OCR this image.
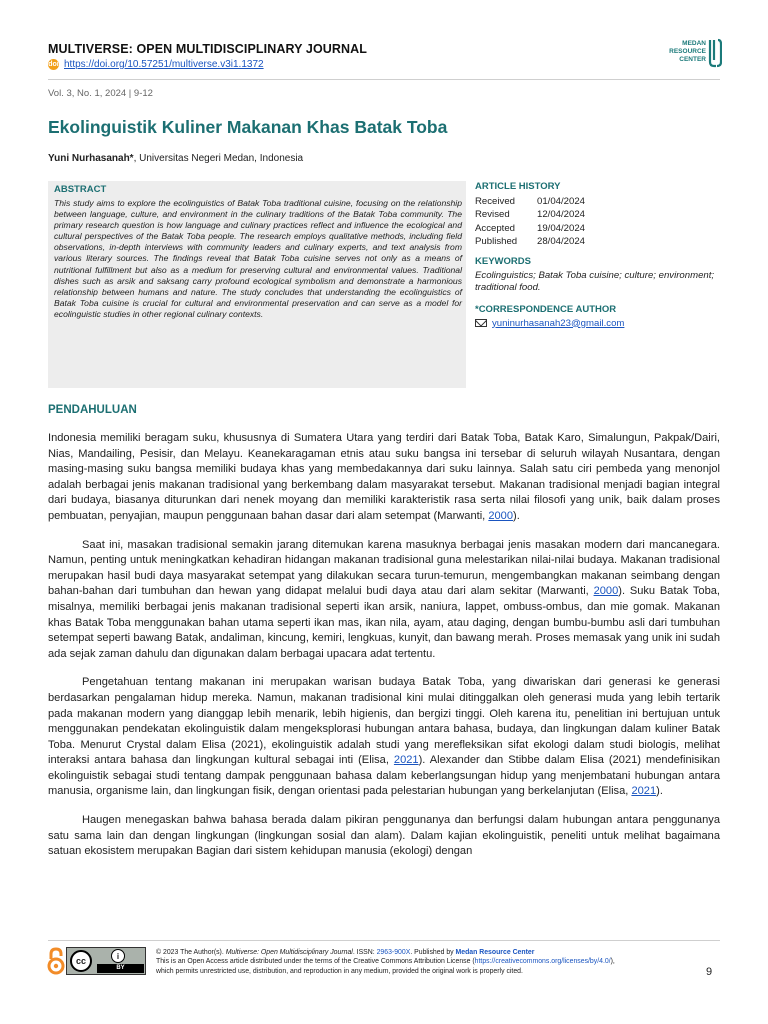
MULTIVERSE: OPEN MULTIDISCIPLINARY JOURNAL
doi https://doi.org/10.57251/multiverse.v3i1.1372
MEDAN
RESOURCE
CENTER
Vol. 3, No. 1, 2024 | 9-12
Ekolinguistik Kuliner Makanan Khas Batak Toba
Yuni Nurhasanah*, Universitas Negeri Medan, Indonesia
ABSTRACT
This study aims to explore the ecolinguistics of Batak Toba traditional cuisine, focusing on the relationship between language, culture, and environment in the culinary traditions of the Batak Toba community. The primary research question is how language and culinary practices reflect and influence the ecological and cultural perspectives of the Batak Toba people. The research employs qualitative methods, including field observations, in-depth interviews with community leaders and culinary experts, and text analysis from various literary sources. The findings reveal that Batak Toba cuisine serves not only as a means of nutritional fulfillment but also as a medium for preserving cultural and environmental values. Traditional dishes such as arsik and saksang carry profound ecological symbolism and demonstrate a harmonious relationship between humans and nature. The study concludes that understanding the ecolinguistics of Batak Toba cuisine is crucial for cultural and environmental preservation and can serve as a model for ecolinguistic studies in other regional culinary contexts.
ARTICLE HISTORY
Received	01/04/2024
Revised	12/04/2024
Accepted	19/04/2024
Published	28/04/2024
KEYWORDS
Ecolinguistics; Batak Toba cuisine; culture; environment; traditional food.
*CORRESPONDENCE AUTHOR
yuninurhasanah23@gmail.com
PENDAHULUAN

Indonesia memiliki beragam suku, khususnya di Sumatera Utara yang terdiri dari Batak Toba, Batak Karo, Simalungun, Pakpak/Dairi, Nias, Mandailing, Pesisir, dan Melayu. Keanekaragaman etnis atau suku bangsa ini tersebar di seluruh wilayah Nusantara, dengan masing-masing suku bangsa memiliki budaya khas yang membedakannya dari suku lainnya. Salah satu ciri pembeda yang menonjol adalah berbagai jenis makanan tradisional yang berkembang dalam masyarakat tersebut. Makanan tradisional menjadi bagian integral dari budaya, biasanya diturunkan dari nenek moyang dan memiliki karakteristik rasa serta nilai filosofi yang unik, baik dalam proses pembuatan, penyajian, maupun penggunaan bahan dasar dari alam setempat (Marwanti, 2000).

Saat ini, masakan tradisional semakin jarang ditemukan karena masuknya berbagai jenis masakan modern dari mancanegara. Namun, penting untuk meningkatkan kehadiran hidangan makanan tradisional guna melestarikan nilai-nilai budaya. Makanan tradisional merupakan hasil budi daya masyarakat setempat yang dilakukan secara turun-temurun, mengembangkan makanan seimbang dengan bahan-bahan dari tumbuhan dan hewan yang didapat melalui budi daya atau dari alam sekitar (Marwanti, 2000). Suku Batak Toba, misalnya, memiliki berbagai jenis makanan tradisional seperti ikan arsik, naniura, lappet, ombuss-ombus, dan mie gomak. Makanan khas Batak Toba menggunakan bahan utama seperti ikan mas, ikan nila, ayam, atau daging, dengan bumbu-bumbu asli dari tumbuhan setempat seperti bawang Batak, andaliman, kincung, kemiri, lengkuas, kunyit, dan bawang merah. Proses memasak yang unik ini sudah ada sejak zaman dahulu dan digunakan dalam berbagai upacara adat tertentu.

Pengetahuan tentang makanan ini merupakan warisan budaya Batak Toba, yang diwariskan dari generasi ke generasi berdasarkan pengalaman hidup mereka. Namun, makanan tradisional kini mulai ditinggalkan oleh generasi muda yang lebih tertarik pada makanan modern yang dianggap lebih menarik, lebih higienis, dan bergizi tinggi. Oleh karena itu, penelitian ini bertujuan untuk menggunakan pendekatan ekolinguistik dalam mengeksplorasi hubungan antara bahasa, budaya, dan lingkungan dalam kuliner Batak Toba. Menurut Crystal dalam Elisa (2021), ekolinguistik adalah studi yang merefleksikan sifat ekologi dalam studi biologis, melihat interaksi antara bahasa dan lingkungan kultural sebagai inti (Elisa, 2021). Alexander dan Stibbe dalam Elisa (2021) mendefinisikan ekolinguistik sebagai studi tentang dampak penggunaan bahasa dalam keberlangsungan hidup yang menjembatani hubungan antara manusia, organisme lain, dan lingkungan fisik, dengan orientasi pada pelestarian hubungan yang berkelanjutan (Elisa, 2021).

Haugen menegaskan bahwa bahasa berada dalam pikiran penggunanya dan berfungsi dalam hubungan antara penggunanya satu sama lain dan dengan lingkungan (lingkungan sosial dan alam). Dalam kajian ekolinguistik, peneliti untuk melihat bagaimana satuan ekosistem merupakan Bagian dari sistem kehidupan manusia (ekologi) dengan

cc	i
BY
© 2023 The Author(s). Multiverse: Open Multidisciplinary Journal. ISSN: 2963-900X. Published by Medan Resource Center
This is an Open Access article distributed under the terms of the Creative Commons Attribution License (https://creativecommons.org/licenses/by/4.0/),
which permits unrestricted use, distribution, and reproduction in any medium, provided the original work is properly cited.	9
